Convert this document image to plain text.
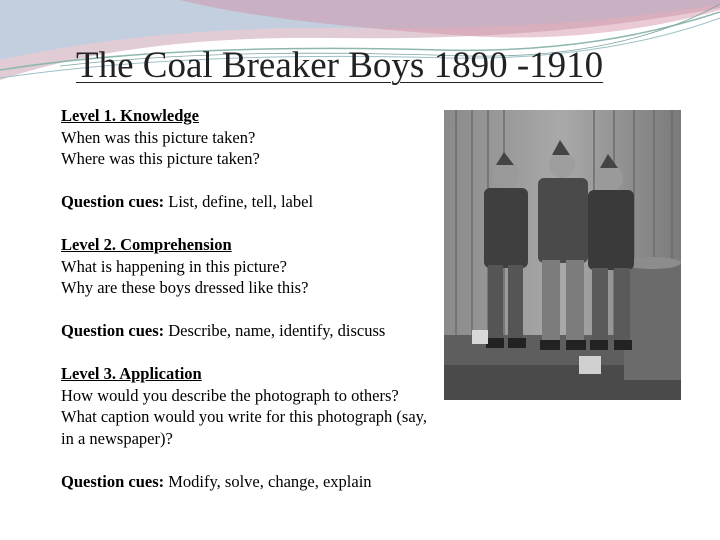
The Coal Breaker Boys 1890 -1910
Level 1. Knowledge
When was this picture taken?
Where was this picture taken?
Question cues: List, define, tell, label
Level 2. Comprehension
What is happening in this picture?
Why are these boys dressed like this?
Question cues: Describe, name, identify, discuss
Level 3. Application
How would you describe the photograph to others?
What caption would you write for this photograph (say, in a newspaper)?
Question cues: Modify, solve, change, explain
